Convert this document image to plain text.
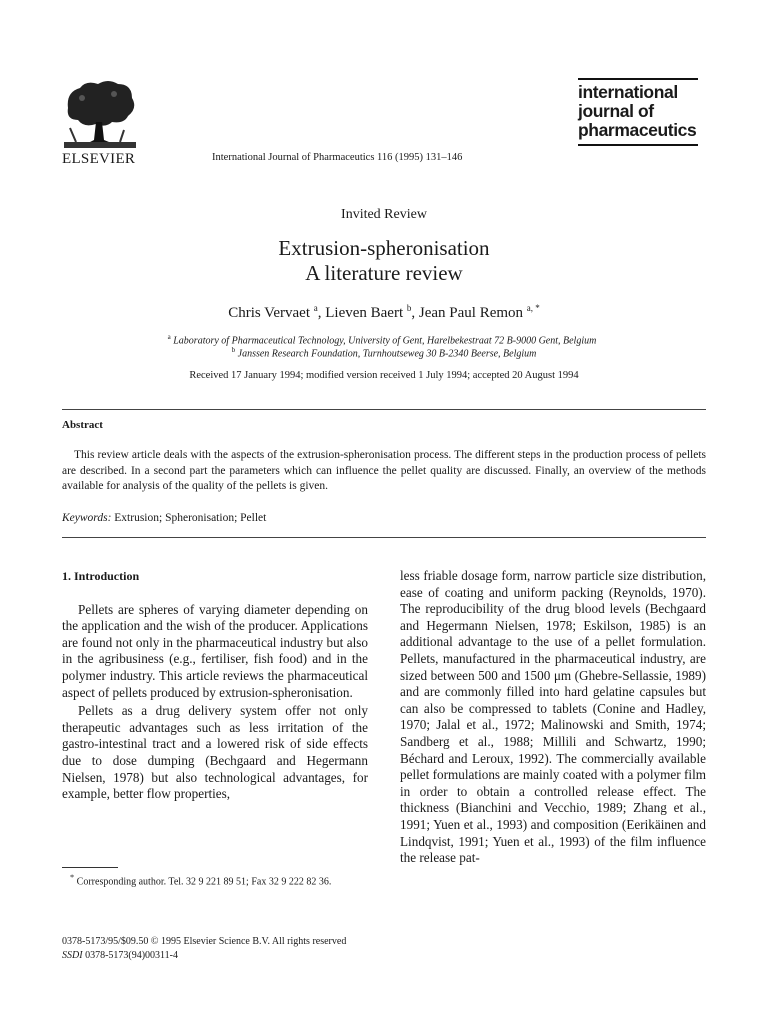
ELSEVIER	International Journal of Pharmaceutics 116 (1995) 131–146
international
journal of
pharmaceutics
Invited Review
Extrusion-spheronisation
A literature review
Chris Vervaet $^a$, Lieven Baert $^b$, Jean Paul Remon $^{a, *}$
$^a$ Laboratory of Pharmaceutical Technology, University of Gent, Harelbekestraat 72 B-9000 Gent, Belgium
$^b$ Janssen Research Foundation, Turnhoutseweg 30 B-2340 Beerse, Belgium
Received 17 January 1994; modified version received 1 July 1994; accepted 20 August 1994
Abstract
This review article deals with the aspects of the extrusion-spheronisation process. The different steps in the production process of pellets are described. In a second part the parameters which can influence the pellet quality are discussed. Finally, an overview of the methods available for analysis of the quality of the pellets is given.
Keywords: Extrusion; Spheronisation; Pellet
1. Introduction

Pellets are spheres of varying diameter depending on the application and the wish of the producer. Applications are found not only in the pharmaceutical industry but also in the agribusiness (e.g., fertiliser, fish food) and in the polymer industry. This article reviews the pharmaceutical aspect of pellets produced by extrusion-spheronisation.

Pellets as a drug delivery system offer not only therapeutic advantages such as less irritation of the gastro-intestinal tract and a lowered risk of side effects due to dose dumping (Bechgaard and Hegermann Nielsen, 1978) but also technological advantages, for example, better flow properties,

less friable dosage form, narrow particle size distribution, ease of coating and uniform packing (Reynolds, 1970). The reproducibility of the drug blood levels (Bechgaard and Hegermann Nielsen, 1978; Eskilson, 1985) is an additional advantage to the use of a pellet formulation. Pellets, manufactured in the pharmaceutical industry, are sized between 500 and 1500 μm (Ghebre-Sellassie, 1989) and are commonly filled into hard gelatine capsules but can also be compressed to tablets (Conine and Hadley, 1970; Jalal et al., 1972; Malinowski and Smith, 1974; Sandberg et al., 1988; Millili and Schwartz, 1990; Béchard and Leroux, 1992). The commercially available pellet formulations are mainly coated with a polymer film in order to obtain a controlled release effect. The thickness (Bianchini and Vecchio, 1989; Zhang et al., 1991; Yuen et al., 1993) and composition (Eerikäinen and Lindqvist, 1991; Yuen et al., 1993) of the film influence the release pat-

* Corresponding author. Tel. 32 9 221 89 51; Fax 32 9 222 82 36.
0378-5173/95/$09.50 © 1995 Elsevier Science B.V. All rights reserved
SSDI 0378-5173(94)00311-4
